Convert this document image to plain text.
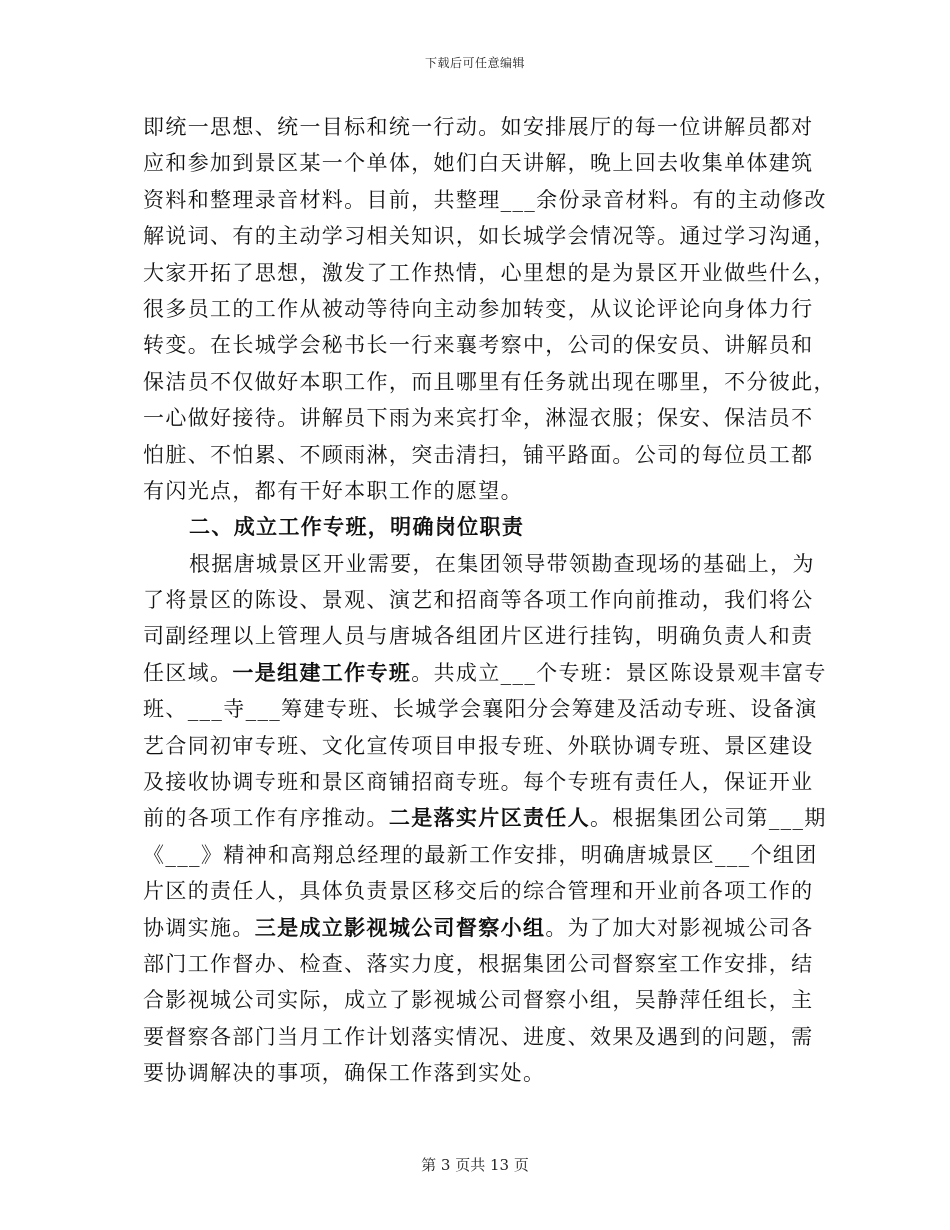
下载后可任意编辑
即统一思想、统一目标和统一行动。如安排展厅的每一位讲解员都对
应和参加到景区某一个单体，她们白天讲解，晚上回去收集单体建筑
资料和整理录音材料。目前，共整理___余份录音材料。有的主动修改
解说词、有的主动学习相关知识，如长城学会情况等。通过学习沟通，
大家开拓了思想，激发了工作热情，心里想的是为景区开业做些什么，
很多员工的工作从被动等待向主动参加转变，从议论评论向身体力行
转变。在长城学会秘书长一行来襄考察中，公司的保安员、讲解员和
保洁员不仅做好本职工作，而且哪里有任务就出现在哪里，不分彼此，
一心做好接待。讲解员下雨为来宾打伞，淋湿衣服；保安、保洁员不
怕脏、不怕累、不顾雨淋，突击清扫，铺平路面。公司的每位员工都
有闪光点，都有干好本职工作的愿望。
二、成立工作专班，明确岗位职责
根据唐城景区开业需要，在集团领导带领勘查现场的基础上，为
了将景区的陈设、景观、演艺和招商等各项工作向前推动，我们将公
司副经理以上管理人员与唐城各组团片区进行挂钩，明确负责人和责
任区域。一是组建工作专班。共成立___个专班：景区陈设景观丰富专
班、___寺___筹建专班、长城学会襄阳分会筹建及活动专班、设备演
艺合同初审专班、文化宣传项目申报专班、外联协调专班、景区建设
及接收协调专班和景区商铺招商专班。每个专班有责任人，保证开业
前的各项工作有序推动。二是落实片区责任人。根据集团公司第___期
《___》精神和高翔总经理的最新工作安排，明确唐城景区___个组团
片区的责任人，具体负责景区移交后的综合管理和开业前各项工作的
协调实施。三是成立影视城公司督察小组。为了加大对影视城公司各
部门工作督办、检查、落实力度，根据集团公司督察室工作安排，结
合影视城公司实际，成立了影视城公司督察小组，吴静萍任组长，主
要督察各部门当月工作计划落实情况、进度、效果及遇到的问题，需
要协调解决的事项，确保工作落到实处。
第 3 页共 13 页
